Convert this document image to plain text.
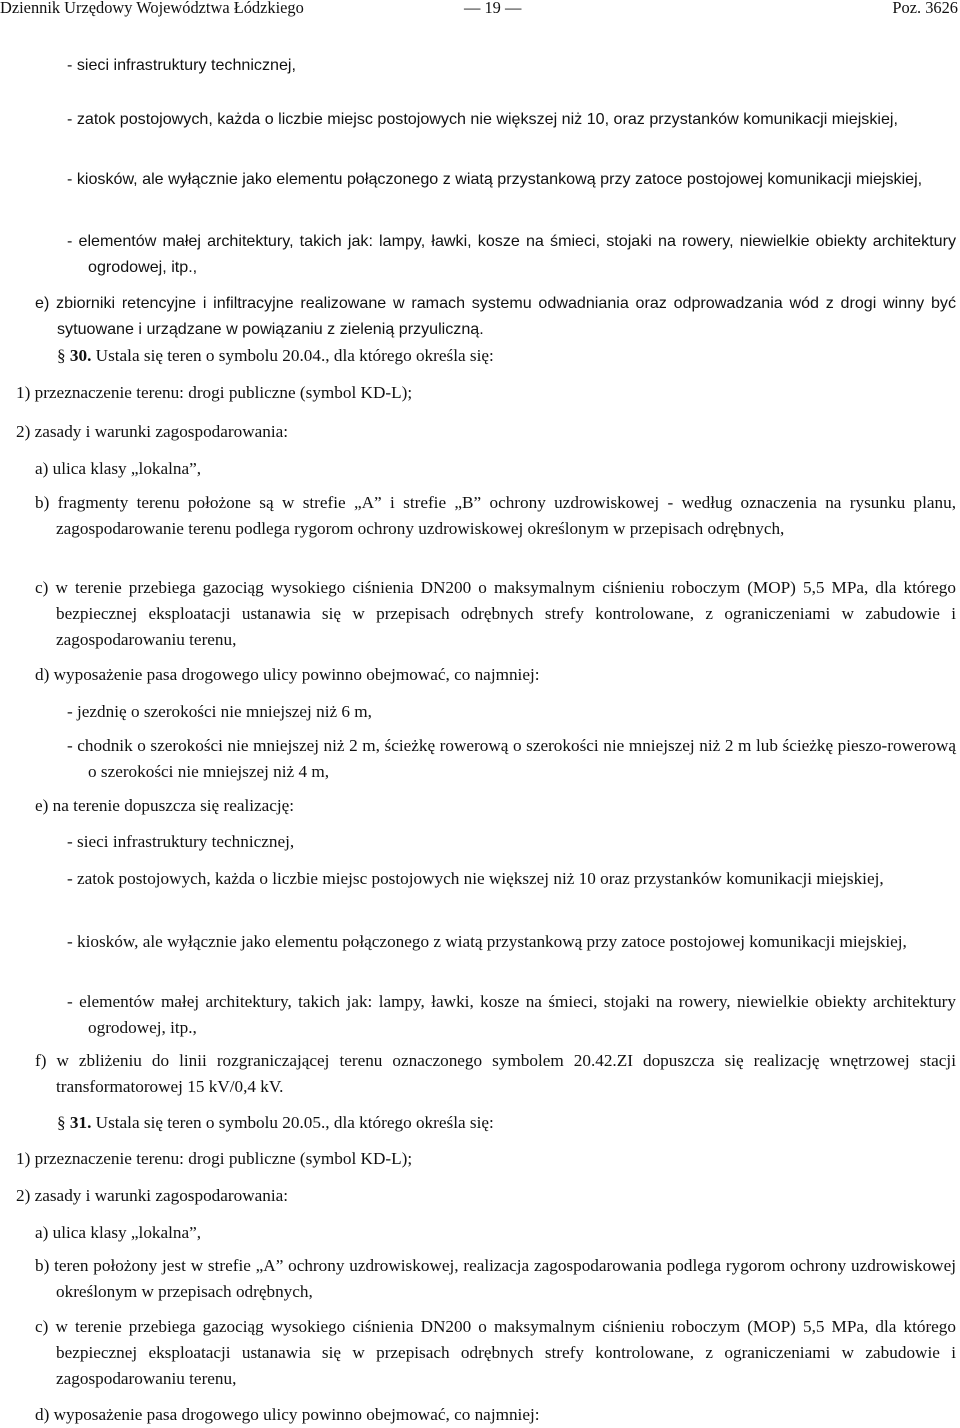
Dziennik Urzędowy Województwa Łódzkiego	— 19 —	Poz. 3626
- sieci infrastruktury technicznej,
- zatok postojowych, każda o liczbie miejsc postojowych nie większej niż 10, oraz przystanków komunikacji miejskiej,
- kiosków, ale wyłącznie jako elementu połączonego z wiatą przystankową przy zatoce postojowej komunikacji miejskiej,
- elementów małej architektury, takich jak: lampy, ławki, kosze na śmieci, stojaki na rowery, niewielkie obiekty architektury ogrodowej, itp.,
e) zbiorniki retencyjne i infiltracyjne realizowane w ramach systemu odwadniania oraz odprowadzania wód z drogi winny być sytuowane i urządzane w powiązaniu z zielenią przyuliczną.
§ 30. Ustala się teren o symbolu 20.04., dla którego określa się:
1) przeznaczenie terenu: drogi publiczne (symbol KD-L);
2) zasady i warunki zagospodarowania:
a) ulica klasy „lokalna”,
b) fragmenty terenu położone są w strefie „A” i strefie „B” ochrony uzdrowiskowej - według oznaczenia na rysunku planu, zagospodarowanie terenu podlega rygorom ochrony uzdrowiskowej określonym w przepisach odrębnych,
c) w terenie przebiega gazociąg wysokiego ciśnienia DN200 o maksymalnym ciśnieniu roboczym (MOP) 5,5 MPa, dla którego bezpiecznej eksploatacji ustanawia się w przepisach odrębnych strefy kontrolowane, z ograniczeniami w zabudowie i zagospodarowaniu terenu,
d) wyposażenie pasa drogowego ulicy powinno obejmować, co najmniej:
- jezdnię o szerokości nie mniejszej niż 6 m,
- chodnik o szerokości nie mniejszej niż 2 m, ścieżkę rowerową o szerokości nie mniejszej niż 2 m lub ścieżkę pieszo-rowerową o szerokości nie mniejszej niż 4 m,
e) na terenie dopuszcza się realizację:
- sieci infrastruktury technicznej,
- zatok postojowych, każda o liczbie miejsc postojowych nie większej niż 10 oraz przystanków komunikacji miejskiej,
- kiosków, ale wyłącznie jako elementu połączonego z wiatą przystankową przy zatoce postojowej komunikacji miejskiej,
- elementów małej architektury, takich jak: lampy, ławki, kosze na śmieci, stojaki na rowery, niewielkie obiekty architektury ogrodowej, itp.,
f) w zbliżeniu do linii rozgraniczającej terenu oznaczonego symbolem 20.42.ZI dopuszcza się realizację wnętrzowej stacji transformatorowej 15 kV/0,4 kV.
§ 31. Ustala się teren o symbolu 20.05., dla którego określa się:
1) przeznaczenie terenu: drogi publiczne (symbol KD-L);
2) zasady i warunki zagospodarowania:
a) ulica klasy „lokalna”,
b) teren położony jest w strefie „A” ochrony uzdrowiskowej, realizacja zagospodarowania podlega rygorom ochrony uzdrowiskowej określonym w przepisach odrębnych,
c) w terenie przebiega gazociąg wysokiego ciśnienia DN200 o maksymalnym ciśnieniu roboczym (MOP) 5,5 MPa, dla którego bezpiecznej eksploatacji ustanawia się w przepisach odrębnych strefy kontrolowane, z ograniczeniami w zabudowie i zagospodarowaniu terenu,
d) wyposażenie pasa drogowego ulicy powinno obejmować, co najmniej:
